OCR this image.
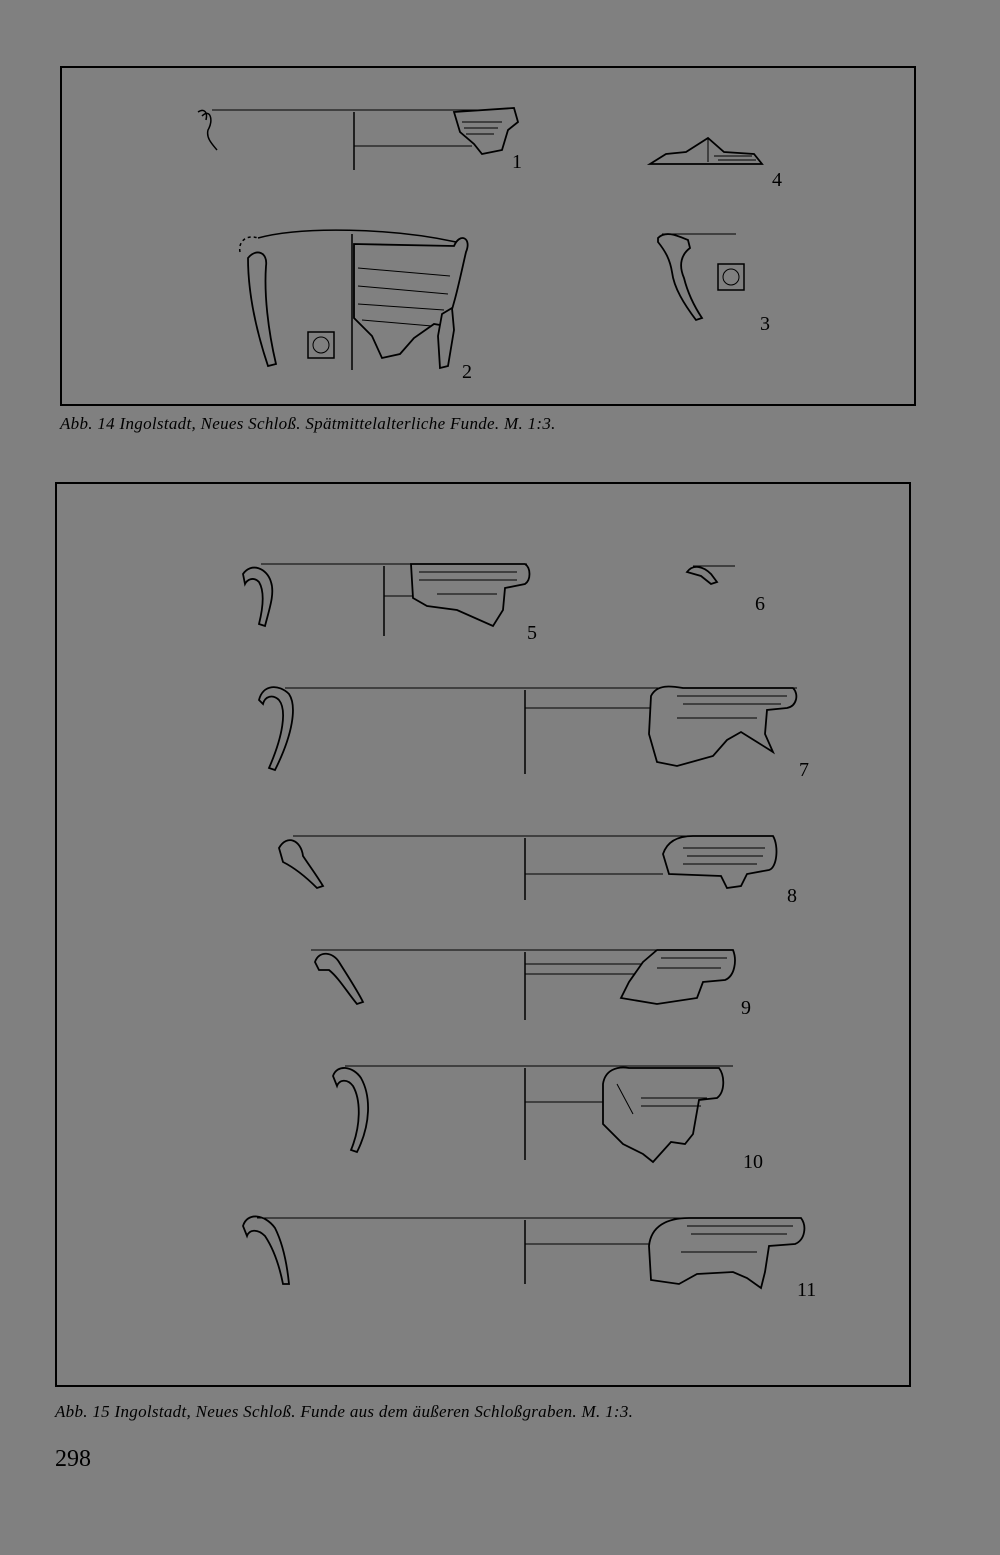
1
4
2
3
Abb. 14 Ingolstadt, Neues Schloß. Spätmittelalterliche Funde. M. 1:3.
5
6
7
8
9
10
11
Abb. 15 Ingolstadt, Neues Schloß. Funde aus dem äußeren Schloßgraben. M. 1:3.
298
